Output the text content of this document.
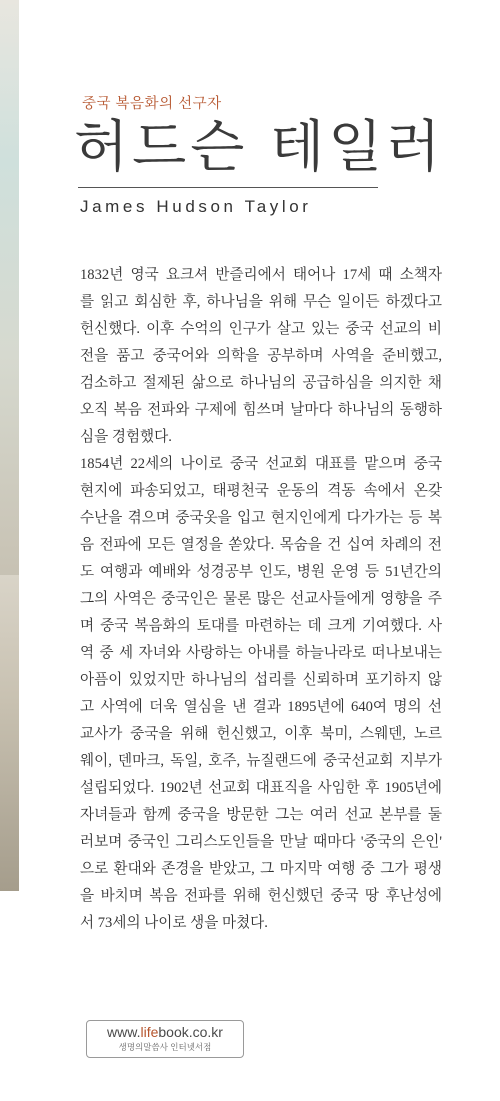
중국 복음화의 선구자

허드슨 테일러

James Hudson Taylor

1832년 영국 요크셔 반즐리에서 태어나 17세 때 소책자
를 읽고 회심한 후, 하나님을 위해 무슨 일이든 하겠다고
헌신했다. 이후 수억의 인구가 살고 있는 중국 선교의 비
전을 품고 중국어와 의학을 공부하며 사역을 준비했고,
검소하고 절제된 삶으로 하나님의 공급하심을 의지한 채
오직 복음 전파와 구제에 힘쓰며 날마다 하나님의 동행하
심을 경험했다.

1854년 22세의 나이로 중국 선교회 대표를 맡으며 중국
현지에 파송되었고, 태평천국 운동의 격동 속에서 온갖
수난을 겪으며 중국옷을 입고 현지인에게 다가가는 등 복
음 전파에 모든 열정을 쏟았다. 목숨을 건 십여 차례의 전
도 여행과 예배와 성경공부 인도, 병원 운영 등 51년간의
그의 사역은 중국인은 물론 많은 선교사들에게 영향을 주
며 중국 복음화의 토대를 마련하는 데 크게 기여했다. 사
역 중 세 자녀와 사랑하는 아내를 하늘나라로 떠나보내는
아픔이 있었지만 하나님의 섭리를 신뢰하며 포기하지 않
고 사역에 더욱 열심을 낸 결과 1895년에 640여 명의 선
교사가 중국을 위해 헌신했고, 이후 북미, 스웨덴, 노르
웨이, 덴마크, 독일, 호주, 뉴질랜드에 중국선교회 지부가
설립되었다. 1902년 선교회 대표직을 사임한 후 1905년에
자녀들과 함께 중국을 방문한 그는 여러 선교 본부를 둘
러보며 중국인 그리스도인들을 만날 때마다 '중국의 은인'
으로 환대와 존경을 받았고, 그 마지막 여행 중 그가 평생
을 바치며 복음 전파를 위해 헌신했던 중국 땅 후난성에
서 73세의 나이로 생을 마쳤다.

www.lifebook.co.kr
생명의말씀사 인터넷서점
